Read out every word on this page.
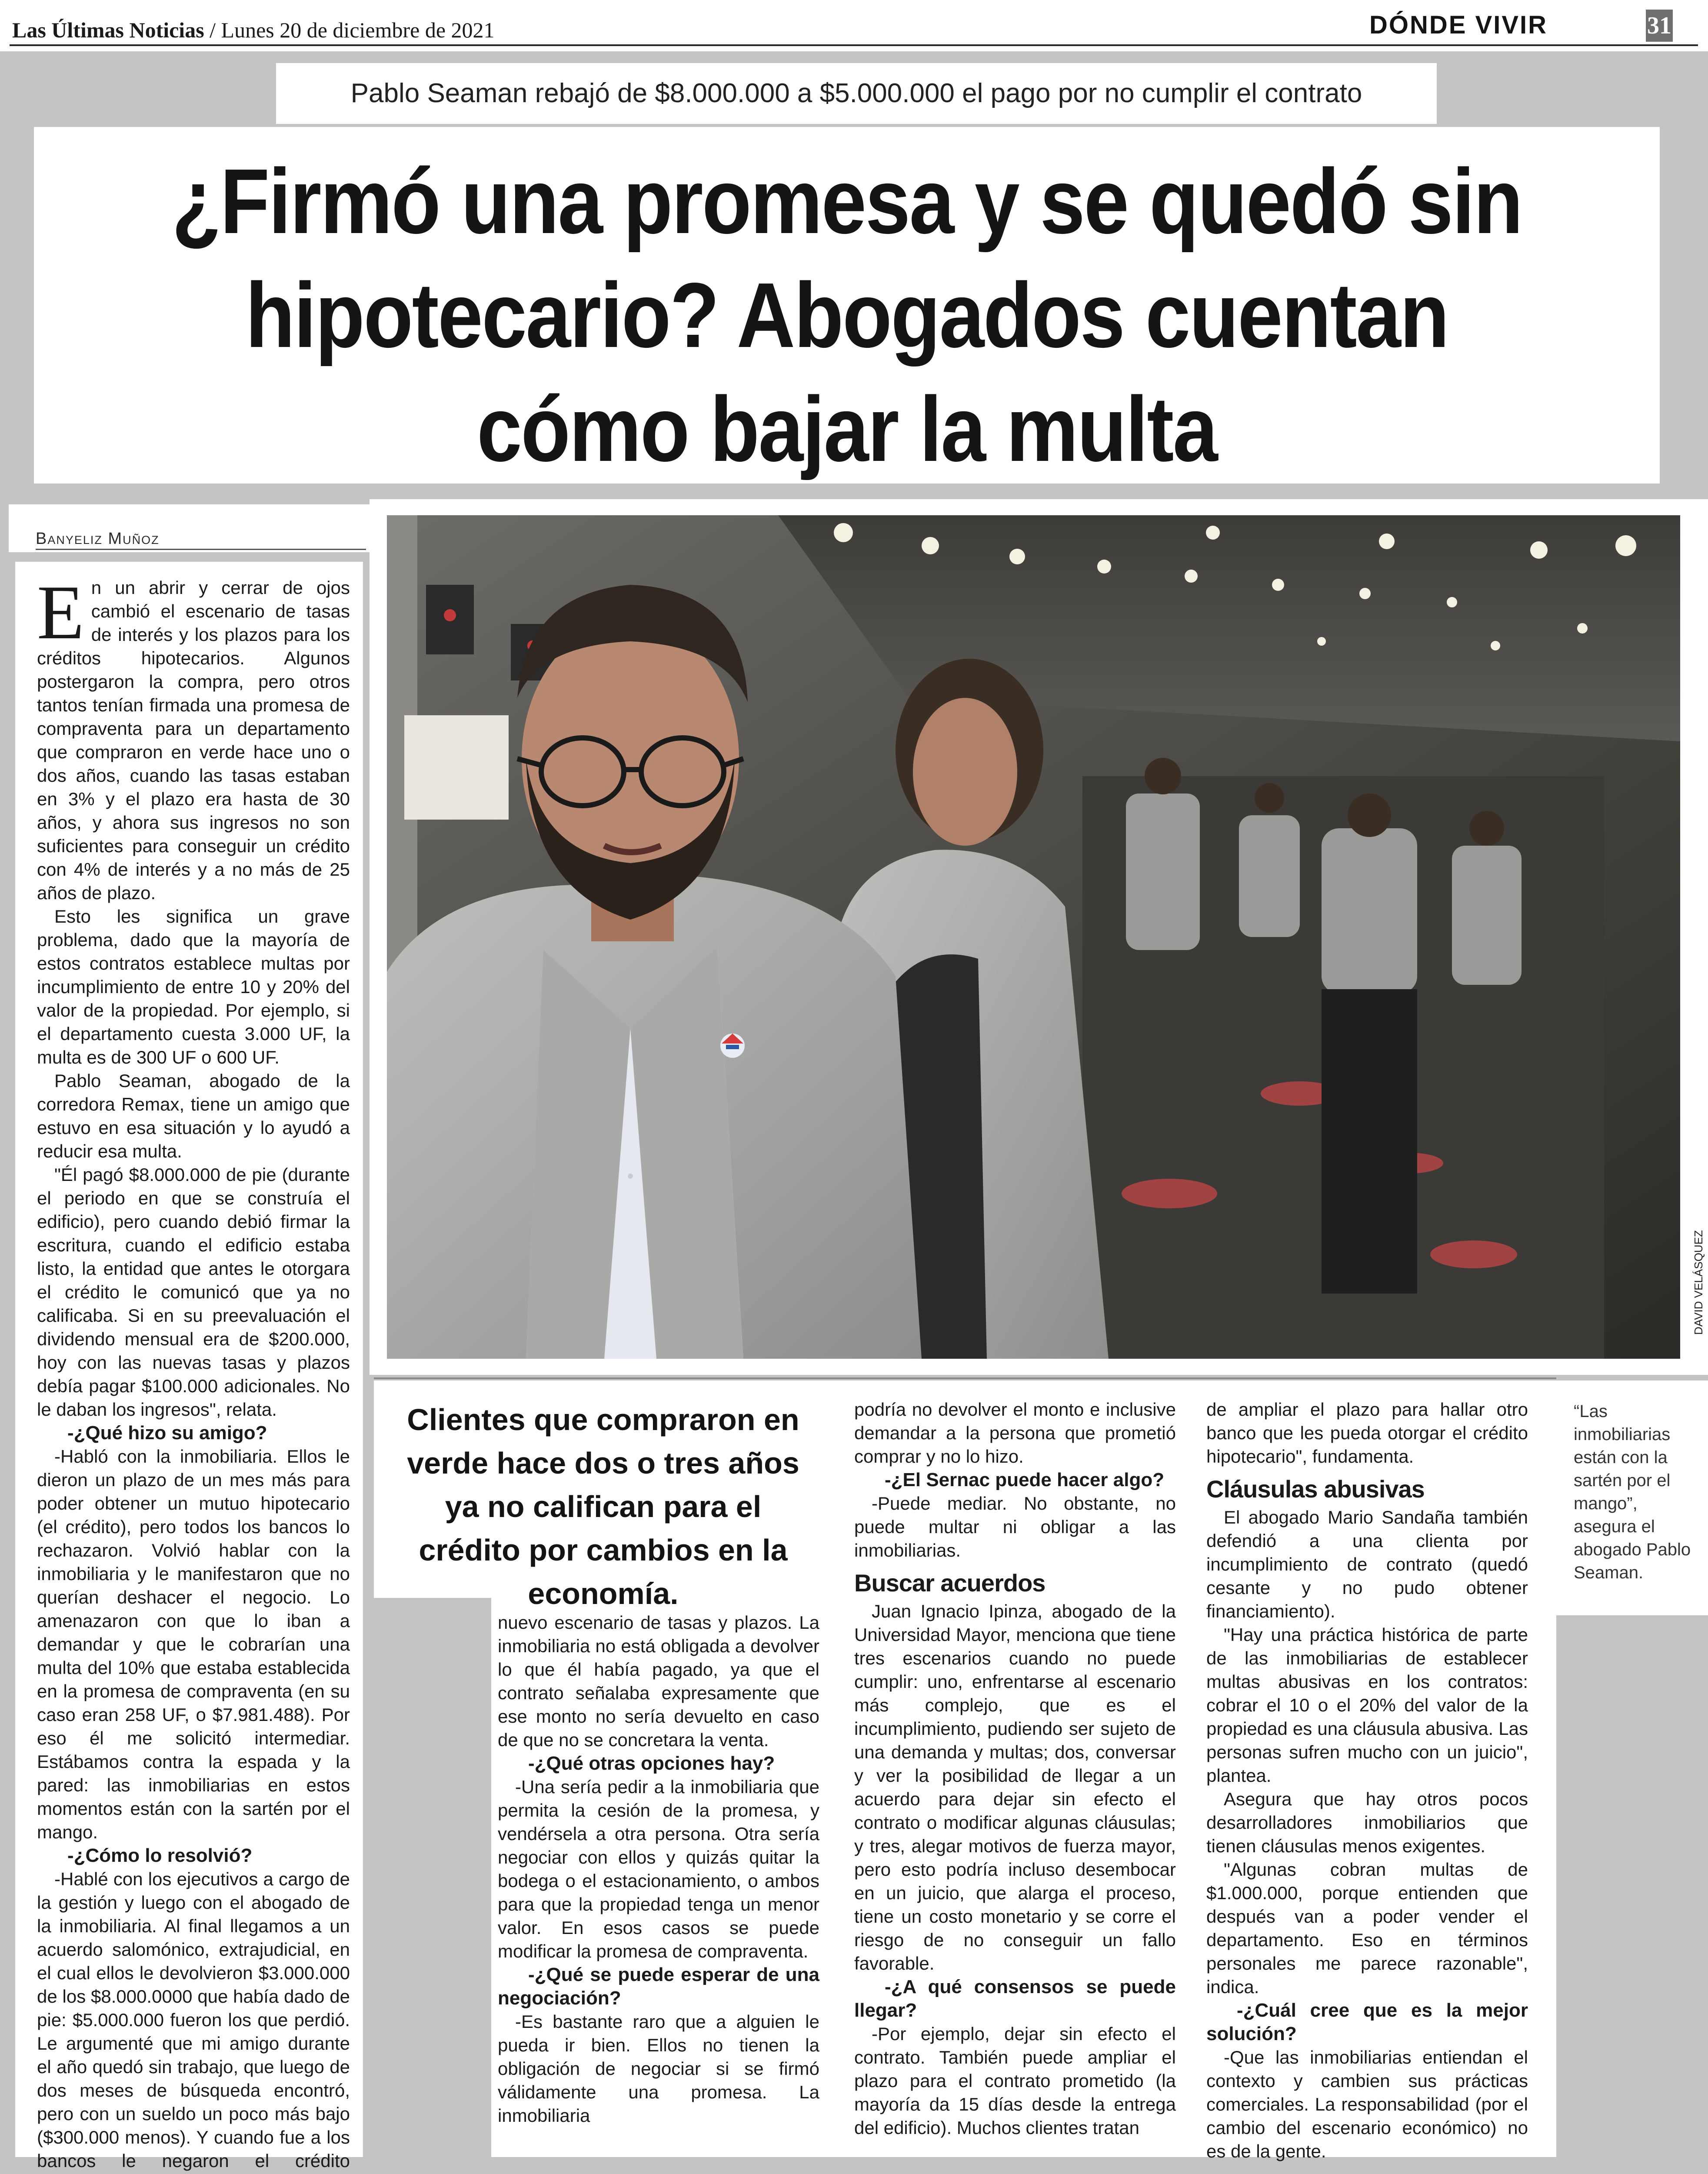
Las Últimas Noticias / Lunes 20 de diciembre de 2021	DÓNDE VIVIR	31
Pablo Seaman rebajó de $8.000.000 a $5.000.000 el pago por no cumplir el contrato
¿Firmó una promesa y se quedó sin hipotecario? Abogados cuentan cómo bajar la multa
Banyeliz Muñoz
DAVID VELÁSQUEZ

En un abrir y cerrar de ojos cambió el escenario de tasas de interés y los plazos para los créditos hipotecarios. Algunos postergaron la compra, pero otros tantos tenían firmada una promesa de compraventa para un departamento que compraron en verde hace uno o dos años, cuando las tasas estaban en 3% y el plazo era hasta de 30 años, y ahora sus ingresos no son suficientes para conseguir un crédito con 4% de interés y a no más de 25 años de plazo.

Esto les significa un grave problema, dado que la mayoría de estos contratos establece multas por incumplimiento de entre 10 y 20% del valor de la propiedad. Por ejemplo, si el departamento cuesta 3.000 UF, la multa es de 300 UF o 600 UF.

Pablo Seaman, abogado de la corredora Remax, tiene un amigo que estuvo en esa situación y lo ayudó a reducir esa multa.

"Él pagó $8.000.000 de pie (durante el periodo en que se construía el edificio), pero cuando debió firmar la escritura, cuando el edificio estaba listo, la entidad que antes le otorgara el crédito le comunicó que ya no calificaba. Si en su preevaluación el dividendo mensual era de $200.000, hoy con las nuevas tasas y plazos debía pagar $100.000 adicionales. No le daban los ingresos", relata.

-¿Qué hizo su amigo?

-Habló con la inmobiliaria. Ellos le dieron un plazo de un mes más para poder obtener un mutuo hipotecario (el crédito), pero todos los bancos lo rechazaron. Volvió hablar con la inmobiliaria y le manifestaron que no querían deshacer el negocio. Lo amenazaron con que lo iban a demandar y que le cobrarían una multa del 10% que estaba establecida en la promesa de compraventa (en su caso eran 258 UF, o $7.981.488). Por eso él me solicitó intermediar. Estábamos contra la espada y la pared: las inmobiliarias en estos momentos están con la sartén por el mango.

-¿Cómo lo resolvió?

-Hablé con los ejecutivos a cargo de la gestión y luego con el abogado de la inmobiliaria. Al final llegamos a un acuerdo salomónico, extrajudicial, en el cual ellos le devolvieron $3.000.000 de los $8.000.0000 que había dado de pie: $5.000.000 fueron los que perdió. Le argumenté que mi amigo durante el año quedó sin trabajo, que luego de dos meses de búsqueda encontró, pero con un sueldo un poco más bajo ($300.000 menos). Y cuando fue a los bancos le negaron el crédito

Clientes que compraron en verde hace dos o tres años ya no califican para el crédito por cambios en la economía.

nuevo escenario de tasas y plazos. La inmobiliaria no está obligada a devolver lo que él había pagado, ya que el contrato señalaba expresamente que ese monto no sería devuelto en caso de que no se concretara la venta.

-¿Qué otras opciones hay?

-Una sería pedir a la inmobiliaria que permita la cesión de la promesa, y vendérsela a otra persona. Otra sería negociar con ellos y quizás quitar la bodega o el estacionamiento, o ambos para que la propiedad tenga un menor valor. En esos casos se puede modificar la promesa de compraventa.

-¿Qué se puede esperar de una negociación?

-Es bastante raro que a alguien le pueda ir bien. Ellos no tienen la obligación de negociar si se firmó válidamente una promesa. La inmobiliaria

podría no devolver el monto e inclusive demandar a la persona que prometió comprar y no lo hizo.

-¿El Sernac puede hacer algo?

-Puede mediar. No obstante, no puede multar ni obligar a las inmobiliarias.

Buscar acuerdos

Juan Ignacio Ipinza, abogado de la Universidad Mayor, menciona que tiene tres escenarios cuando no puede cumplir: uno, enfrentarse al escenario más complejo, que es el incumplimiento, pudiendo ser sujeto de una demanda y multas; dos, conversar y ver la posibilidad de llegar a un acuerdo para dejar sin efecto el contrato o modificar algunas cláusulas; y tres, alegar motivos de fuerza mayor, pero esto podría incluso desembocar en un juicio, que alarga el proceso, tiene un costo monetario y se corre el riesgo de no conseguir un fallo favorable.

-¿A qué consensos se puede llegar?

-Por ejemplo, dejar sin efecto el contrato. También puede ampliar el plazo para el contrato prometido (la mayoría da 15 días desde la entrega del edificio). Muchos clientes tratan

de ampliar el plazo para hallar otro banco que les pueda otorgar el crédito hipotecario", fundamenta.

Cláusulas abusivas

El abogado Mario Sandaña también defendió a una clienta por incumplimiento de contrato (quedó cesante y no pudo obtener financiamiento).

"Hay una práctica histórica de parte de las inmobiliarias de establecer multas abusivas en los contratos: cobrar el 10 o el 20% del valor de la propiedad es una cláusula abusiva. Las personas sufren mucho con un juicio", plantea.

Asegura que hay otros pocos desarrolladores inmobiliarios que tienen cláusulas menos exigentes.

"Algunas cobran multas de $1.000.000, porque entienden que después van a poder vender el departamento. Eso en términos personales me parece razonable", indica.

-¿Cuál cree que es la mejor solución?

-Que las inmobiliarias entiendan el contexto y cambien sus prácticas comerciales. La responsabilidad (por el cambio del escenario económico) no es de la gente.

“Las inmobiliarias están con la sartén por el mango”, asegura el abogado Pablo Seaman.
